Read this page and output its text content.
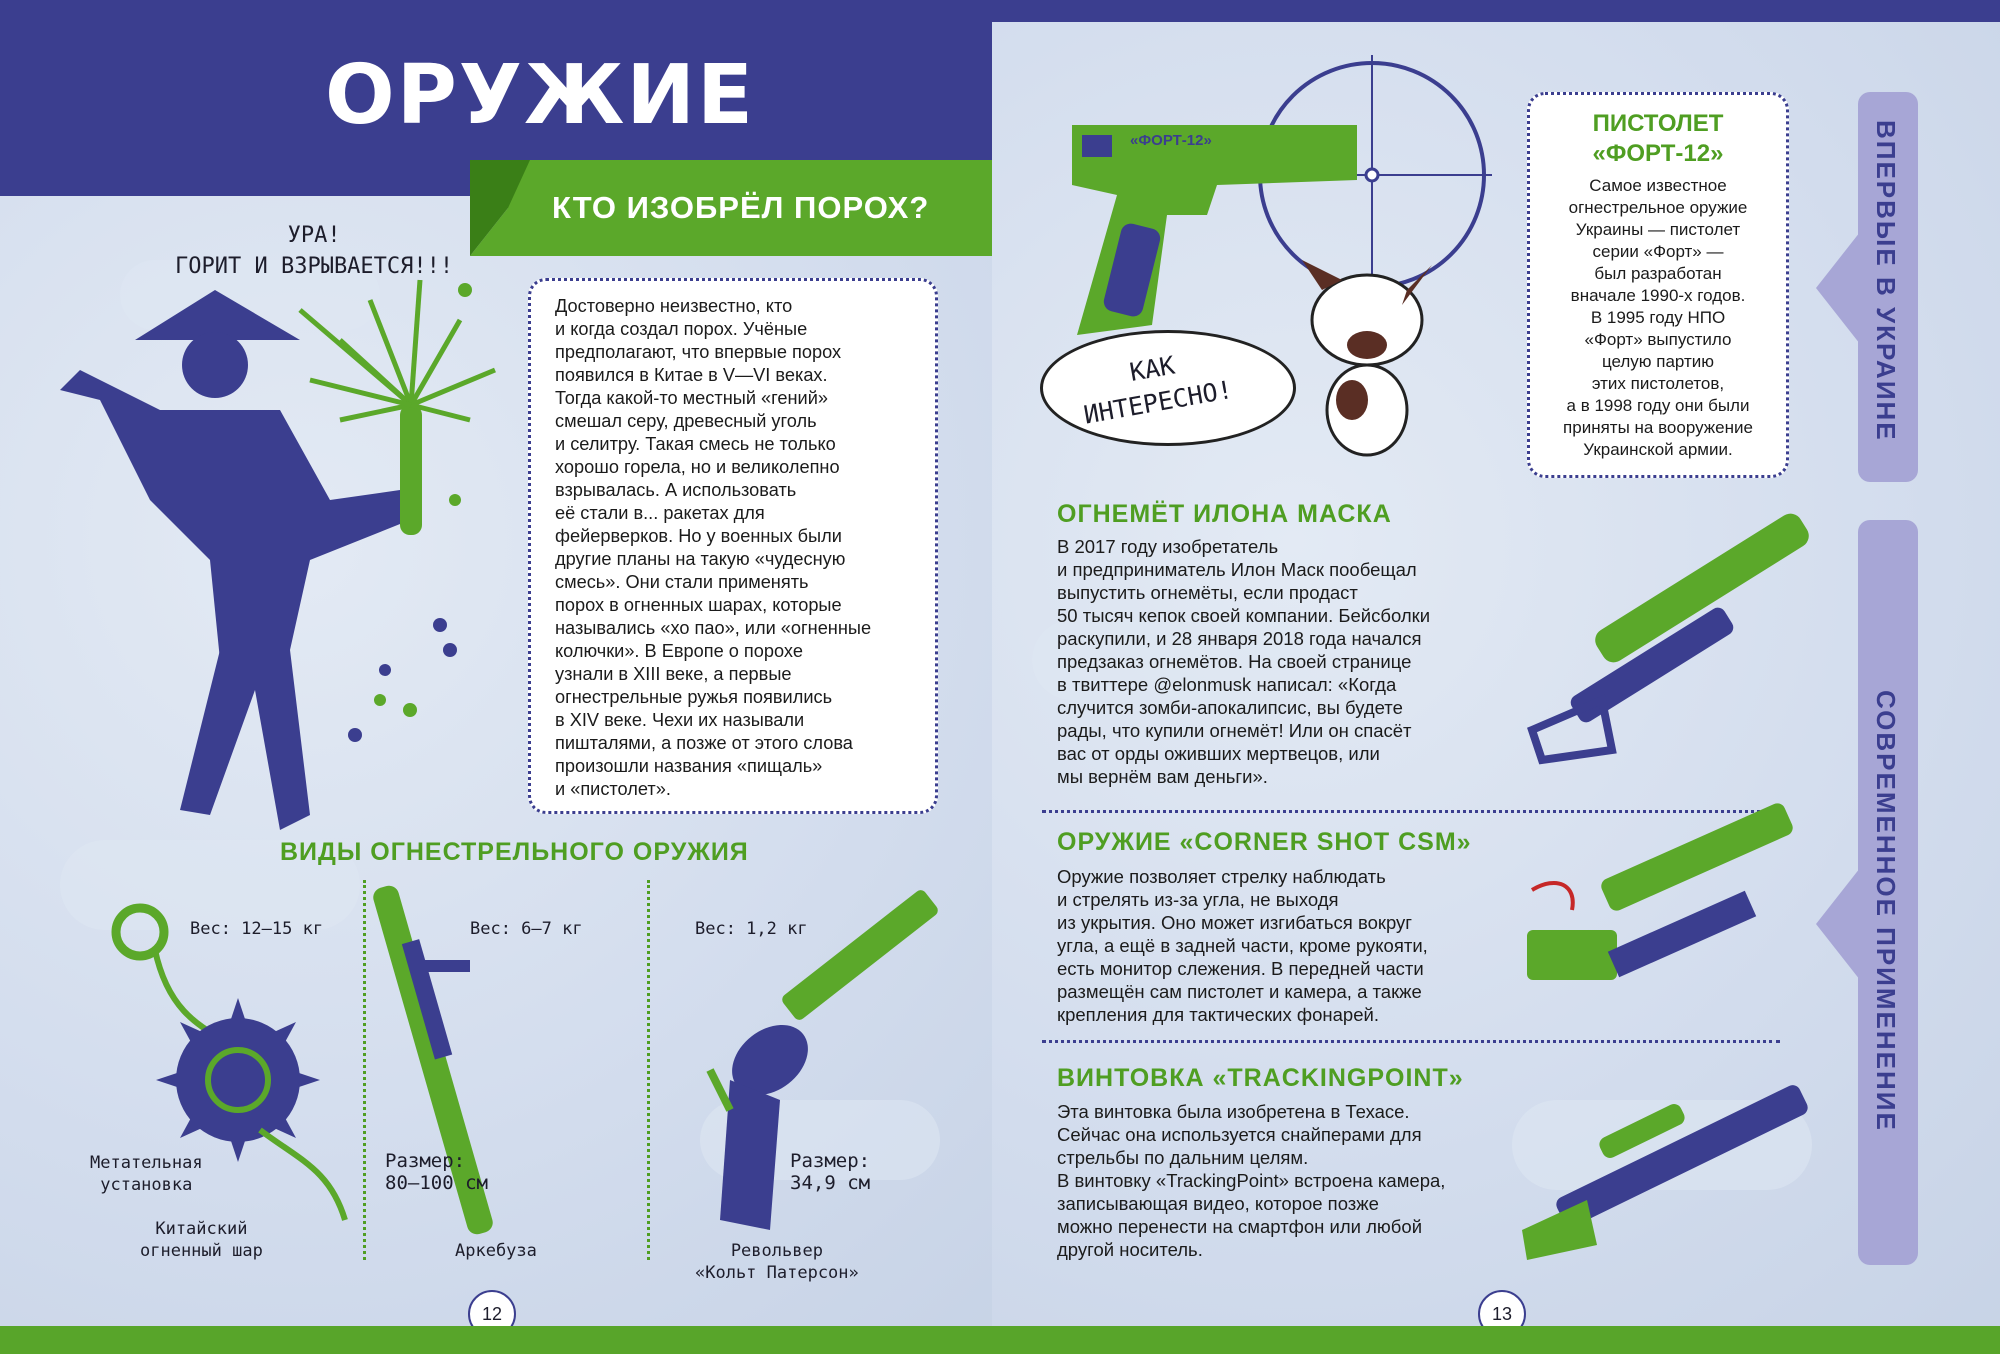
ОРУЖИЕ
КТО ИЗОБРЁЛ ПОРОХ?
УРА!
ГОРИТ И ВЗРЫВАЕТСЯ!!!

Достоверно неизвестно, кто
и когда создал порох. Учёные
предполагают, что впервые порох
появился в Китае в V—VI веках.
Тогда какой-то местный «гений»
смешал серу, древесный уголь
и селитру. Такая смесь не только
хорошо горела, но и великолепно
взрывалась. А использовать
её стали в... ракетах для
фейерверков. Но у военных были
другие планы на такую «чудесную
смесь». Они стали применять
порох в огненных шарах, которые
назывались «хо пао», или «огненные
колючки». В Европе о порохе
узнали в XIII веке, а первые
огнестрельные ружья появились
в XIV веке. Чехи их называли
пишталями, а позже от этого слова
произошли названия «пищаль»
и «пистолет».

ВИДЫ ОГНЕСТРЕЛЬНОГО ОРУЖИЯ
Вес: 12–15 кг
Метательная
установка
Китайский
огненный шар
Вес: 6–7 кг
Размер:
80–100 см
Аркебуза
Вес: 1,2 кг
Размер:
34,9 см
Револьвер
«Кольт Патерсон»
12
«ФОРТ-12»
КАК
ИНТЕРЕСНО!
ПИСТОЛЕТ
«ФОРТ-12»

Самое известное
огнестрельное оружие
Украины — пистолет
серии «Форт» —
был разработан
вначале 1990-х годов.
В 1995 году НПО
«Форт» выпустило
целую партию
этих пистолетов,
а в 1998 году они были
приняты на вооружение
Украинской армии.

ВПЕРВЫЕ В УКРАИНЕ
СОВРЕМЕННОЕ ПРИМЕНЕНИЕ
ОГНЕМЁТ ИЛОНА МАСКА

В 2017 году изобретатель
и предприниматель Илон Маск пообещал
выпустить огнемёты, если продаст
50 тысяч кепок своей компании. Бейсболки
раскупили, и 28 января 2018 года начался
предзаказ огнемётов. На своей странице
в твиттере @elonmusk написал: «Когда
случится зомби-апокалипсис, вы будете
рады, что купили огнемёт! Или он спасёт
вас от орды оживших мертвецов, или
мы вернём вам деньги».

ОРУЖИЕ «CORNER SHOT CSM»

Оружие позволяет стрелку наблюдать
и стрелять из-за угла, не выходя
из укрытия. Оно может изгибаться вокруг
угла, а ещё в задней части, кроме рукояти,
есть монитор слежения. В передней части
размещён сам пистолет и камера, а также
крепления для тактических фонарей.

ВИНТОВКА «TRACKINGPOINT»

Эта винтовка была изобретена в Техасе.
Сейчас она используется снайперами для
стрельбы по дальним целям.
В винтовку «TrackingPoint» встроена камера,
записывающая видео, которое позже
можно перенести на смартфон или любой
другой носитель.

13
